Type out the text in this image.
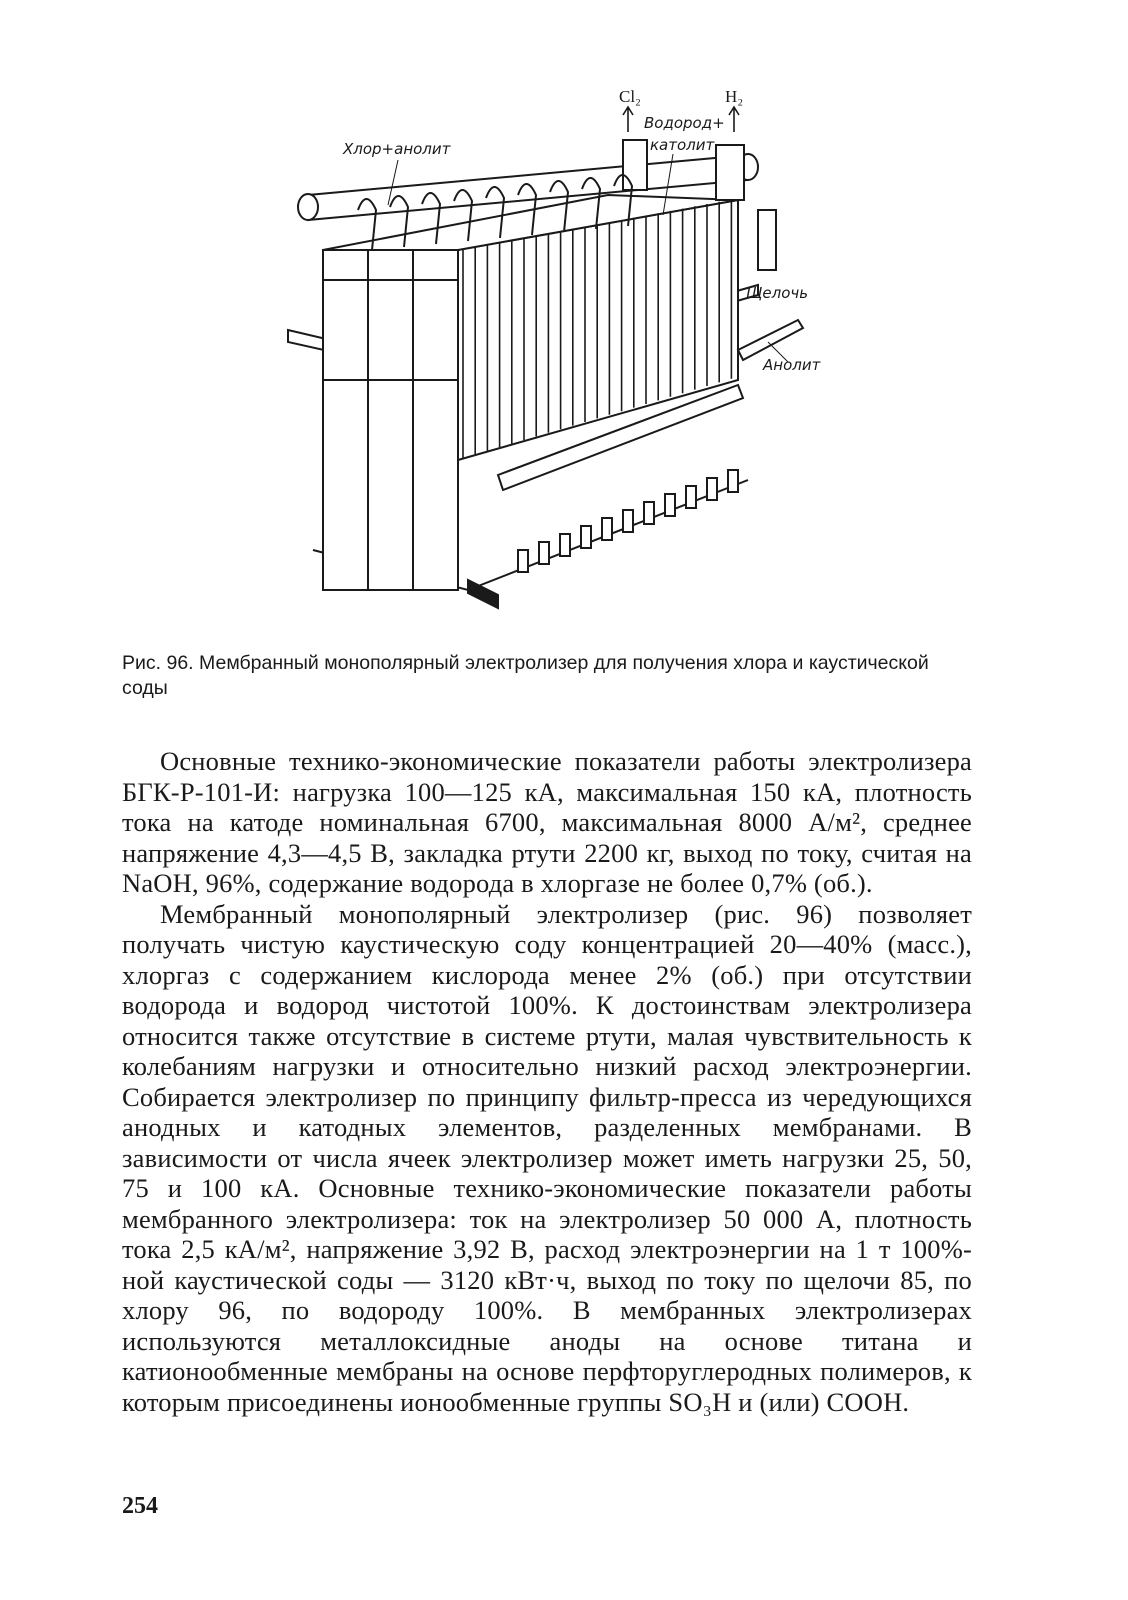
Cl₂	H₂
Водород+
католит
Хлор+анолит
Щелочь
Анолит
Рис. 96. Мембранный монополярный электролизер для получения хлора и каустической соды

Основные технико-экономические показатели работы электролизера БГК-Р-101-И: нагрузка 100—125 кА, максимальная 150 кА, плотность тока на катоде номинальная 6700, максимальная 8000 А/м², среднее напряжение 4,3—4,5 В, закладка ртути 2200 кг, выход по току, считая на NaOH, 96%, содержание водорода в хлоргазе не более 0,7% (об.).

Мембранный монополярный электролизер (рис. 96) позволяет получать чистую каустическую соду концентрацией 20—40% (масс.), хлоргаз с содержанием кислорода менее 2% (об.) при отсутствии водорода и водород чистотой 100%. К достоинствам электролизера относится также отсутствие в системе ртути, малая чувствительность к колебаниям нагрузки и относительно низкий расход электроэнергии. Собирается электролизер по принципу фильтр-пресса из чередующихся анодных и катодных элементов, разделенных мембранами. В зависимости от числа ячеек электролизер может иметь нагрузки 25, 50, 75 и 100 кА. Основные технико-экономические показатели работы мембранного электролизера: ток на электролизер 50 000 А, плотность тока 2,5 кА/м², напряжение 3,92 В, расход электроэнергии на 1 т 100%-ной каустической соды — 3120 кВт·ч, выход по току по щелочи 85, по хлору 96, по водороду 100%. В мембранных электролизерах используются металлоксидные аноды на основе титана и катионообменные мембраны на основе перфторуглеродных полимеров, к которым присоединены ионообменные группы SO₃H и (или) COOH.

254
